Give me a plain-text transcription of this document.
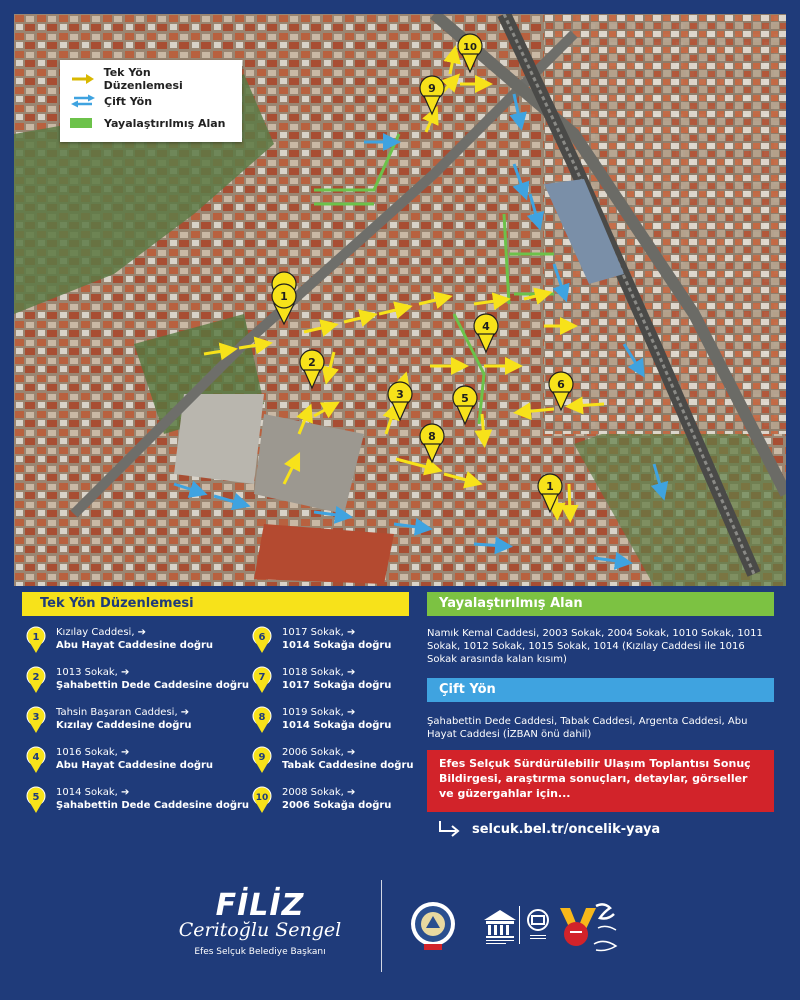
1
2
3
4
5
6
8
9
10
1
Tek Yön Düzenlemesi
Çift Yön
Yayalaştırılmış Alan
Tek Yön Düzenlemesi
1 Kızılay Caddesi, ➔
Abu Hayat Caddesine doğru
2 1013 Sokak, ➔
Şahabettin Dede Caddesine doğru
3 Tahsin Başaran Caddesi, ➔
Kızılay Caddesine doğru
4 1016 Sokak, ➔
Abu Hayat Caddesine doğru
5 1014 Sokak, ➔
Şahabettin Dede Caddesine doğru
6 1017 Sokak, ➔
1014 Sokağa doğru
7 1018 Sokak, ➔
1017 Sokağa doğru
8 1019 Sokak, ➔
1014 Sokağa doğru
9 2006 Sokak, ➔
Tabak Caddesine doğru
10 2008 Sokak, ➔
2006 Sokağa doğru
Yayalaştırılmış Alan
Namık Kemal Caddesi, 2003 Sokak, 2004 Sokak, 1010 Sokak, 1011 Sokak, 1012 Sokak, 1015 Sokak, 1014 (Kızılay Caddesi ile 1016 Sokak arasında kalan kısım)
Çift Yön
Şahabettin Dede Caddesi, Tabak Caddesi, Argenta Caddesi, Abu Hayat Caddesi (İZBAN önü dahil)
Efes Selçuk Sürdürülebilir Ulaşım Toplantısı Sonuç Bildirgesi, araştırma sonuçları, detaylar, görseller ve güzergahlar için...
selcuk.bel.tr/oncelik-yaya
FİLİZ
Ceritoğlu Sengel
Efes Selçuk Belediye Başkanı
